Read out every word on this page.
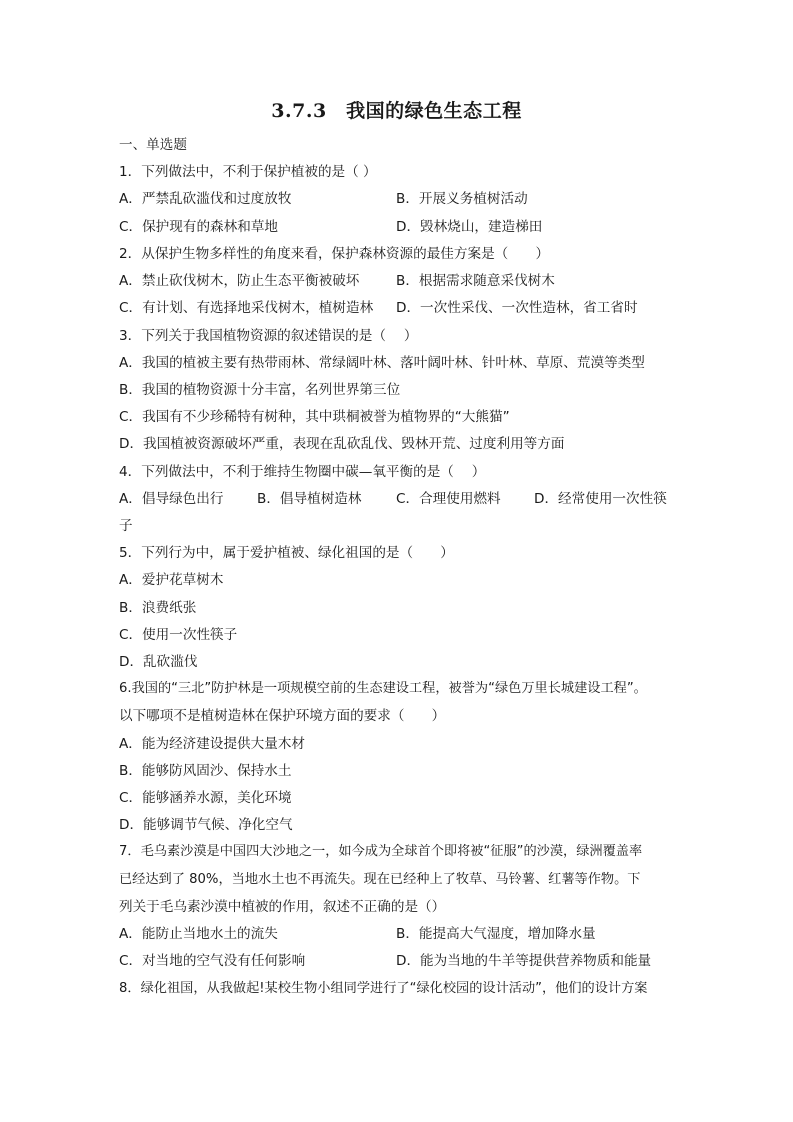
3.7.3　我国的绿色生态工程
一、单选题
1．下列做法中，不利于保护植被的是（ ）
A．严禁乱砍滥伐和过度放牧	B．开展义务植树活动
C．保护现有的森林和草地	D．毁林烧山，建造梯田
2．从保护生物多样性的角度来看，保护森林资源的最佳方案是（　　）
A．禁止砍伐树木，防止生态平衡被破坏	B．根据需求随意采伐树木
C．有计划、有选择地采伐树木，植树造林 D．一次性采伐、一次性造林，省工省时
3．下列关于我国植物资源的叙述错误的是（　 ）
A．我国的植被主要有热带雨林、常绿阔叶林、落叶阔叶林、针叶林、草原、荒漠等类型
B．我国的植物资源十分丰富，名列世界第三位
C．我国有不少珍稀特有树种，其中珙桐被誉为植物界的“大熊猫”
D．我国植被资源破坏严重，表现在乱砍乱伐、毁林开荒、过度利用等方面
4．下列做法中，不利于维持生物圈中碳—氧平衡的是（　 ）
A．倡导绿色出行 B．倡导植树造林	C．合理使用燃料 D．经常使用一次性筷
子
5．下列行为中，属于爱护植被、绿化祖国的是（　　）
A．爱护花草树木
B．浪费纸张
C．使用一次性筷子
D．乱砍滥伐
6.我国的“三北”防护林是一项规模空前的生态建设工程，被誉为“绿色万里长城建设工程”。
以下哪项不是植树造林在保护环境方面的要求（　　）
A．能为经济建设提供大量木材
B．能够防风固沙、保持水土
C．能够涵养水源，美化环境
D．能够调节气候、净化空气
7．毛乌素沙漠是中国四大沙地之一，如今成为全球首个即将被“征服”的沙漠，绿洲覆盖率
已经达到了 80%，当地水土也不再流失。现在已经种上了牧草、马铃薯、红薯等作物。下
列关于毛乌素沙漠中植被的作用，叙述不正确的是（）
A．能防止当地水土的流失	B．能提高大气湿度，增加降水量
C．对当地的空气没有任何影响	D．能为当地的牛羊等提供营养物质和能量
8．绿化祖国，从我做起!某校生物小组同学进行了“绿化校园的设计活动”，他们的设计方案
